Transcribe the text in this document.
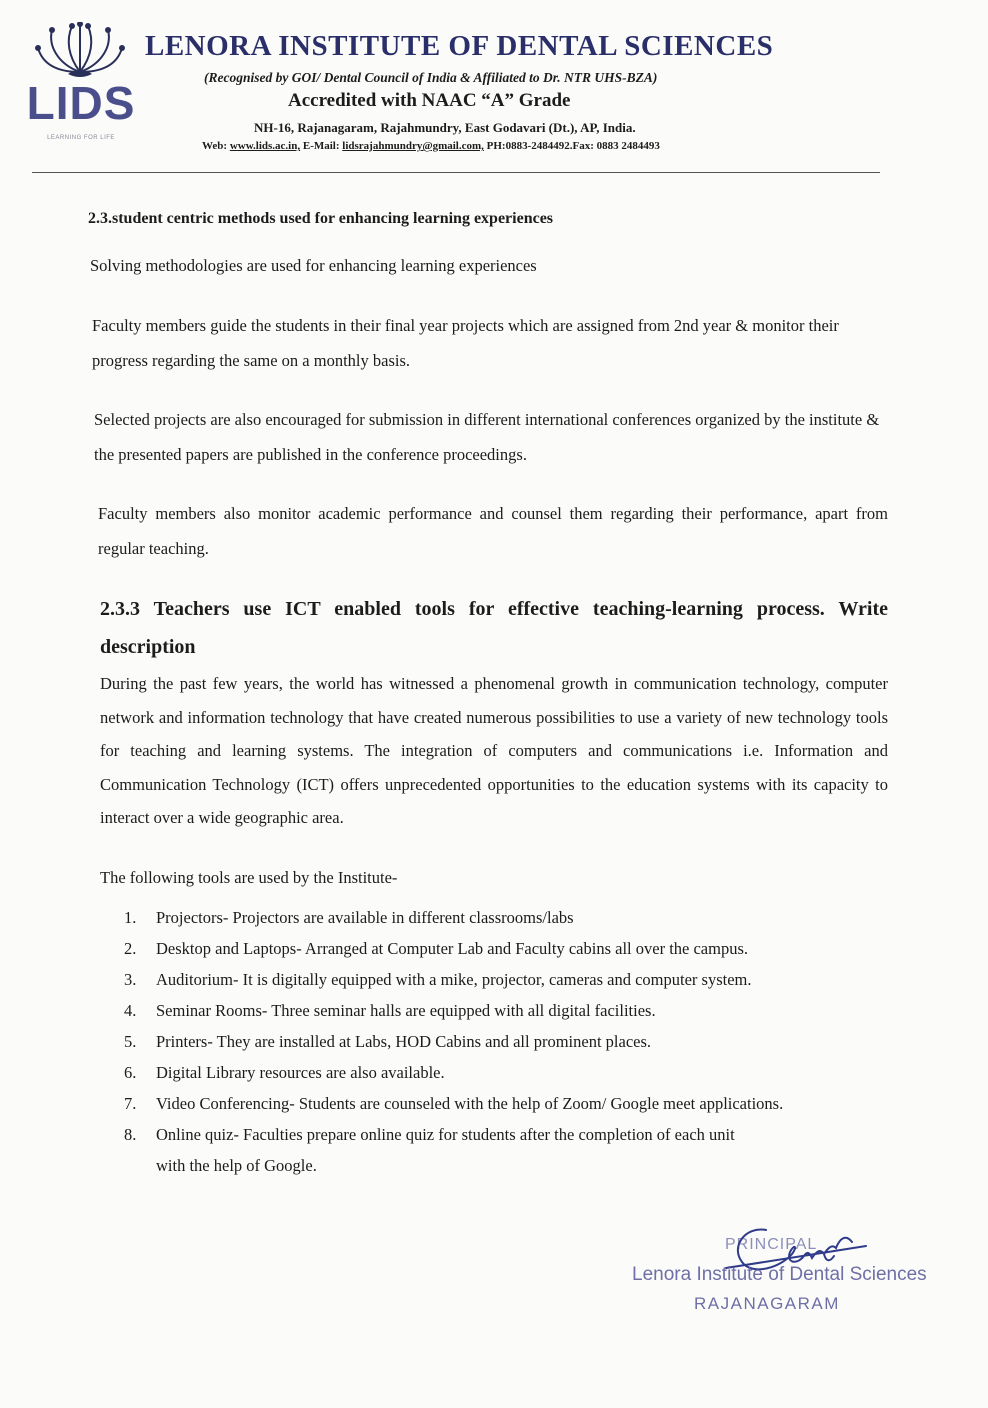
LIDS
LEARNING FOR LIFE
LENORA INSTITUTE OF DENTAL SCIENCES
(Recognised by GOI/ Dental Council of India & Affiliated to Dr. NTR UHS-BZA)
Accredited with NAAC “A” Grade
NH-16, Rajanagaram, Rajahmundry, East Godavari (Dt.), AP, India.
Web: www.lids.ac.in, E-Mail: lidsrajahmundry@gmail.com, PH:0883-2484492.Fax: 0883 2484493
2.3.student centric methods used for enhancing learning experiences
Solving methodologies are used for enhancing learning experiences
Faculty members guide the students in their final year projects which are assigned from 2nd year & monitor their progress regarding the same on a monthly basis.
Selected projects are also encouraged for submission in different international conferences organized by the institute & the presented papers are published in the conference proceedings.
Faculty members also monitor academic performance and counsel them regarding their performance, apart from regular teaching.
2.3.3 Teachers use ICT enabled tools for effective teaching-learning process. Write description
During the past few years, the world has witnessed a phenomenal growth in communication technology, computer network and information technology that have created numerous possibilities to use a variety of new technology tools for teaching and learning systems. The integration of computers and communications i.e. Information and Communication Technology (ICT) offers unprecedented opportunities to the education systems with its capacity to interact over a wide geographic area.
The following tools are used by the Institute-
1.	Projectors- Projectors are available in different classrooms/labs
2.	Desktop and Laptops- Arranged at Computer Lab and Faculty cabins all over the campus.
3.	Auditorium- It is digitally equipped with a mike, projector, cameras and computer system.
4.	Seminar Rooms- Three seminar halls are equipped with all digital facilities.
5.	Printers- They are installed at Labs, HOD Cabins and all prominent places.
6.	Digital Library resources are also available.
7.	Video Conferencing- Students are counseled with the help of Zoom/ Google meet applications.
8.	Online quiz- Faculties prepare online quiz for students after the completion of each unit
with the help of Google.
PRINCIPAL
Lenora Institute of Dental Sciences
RAJANAGARAM
